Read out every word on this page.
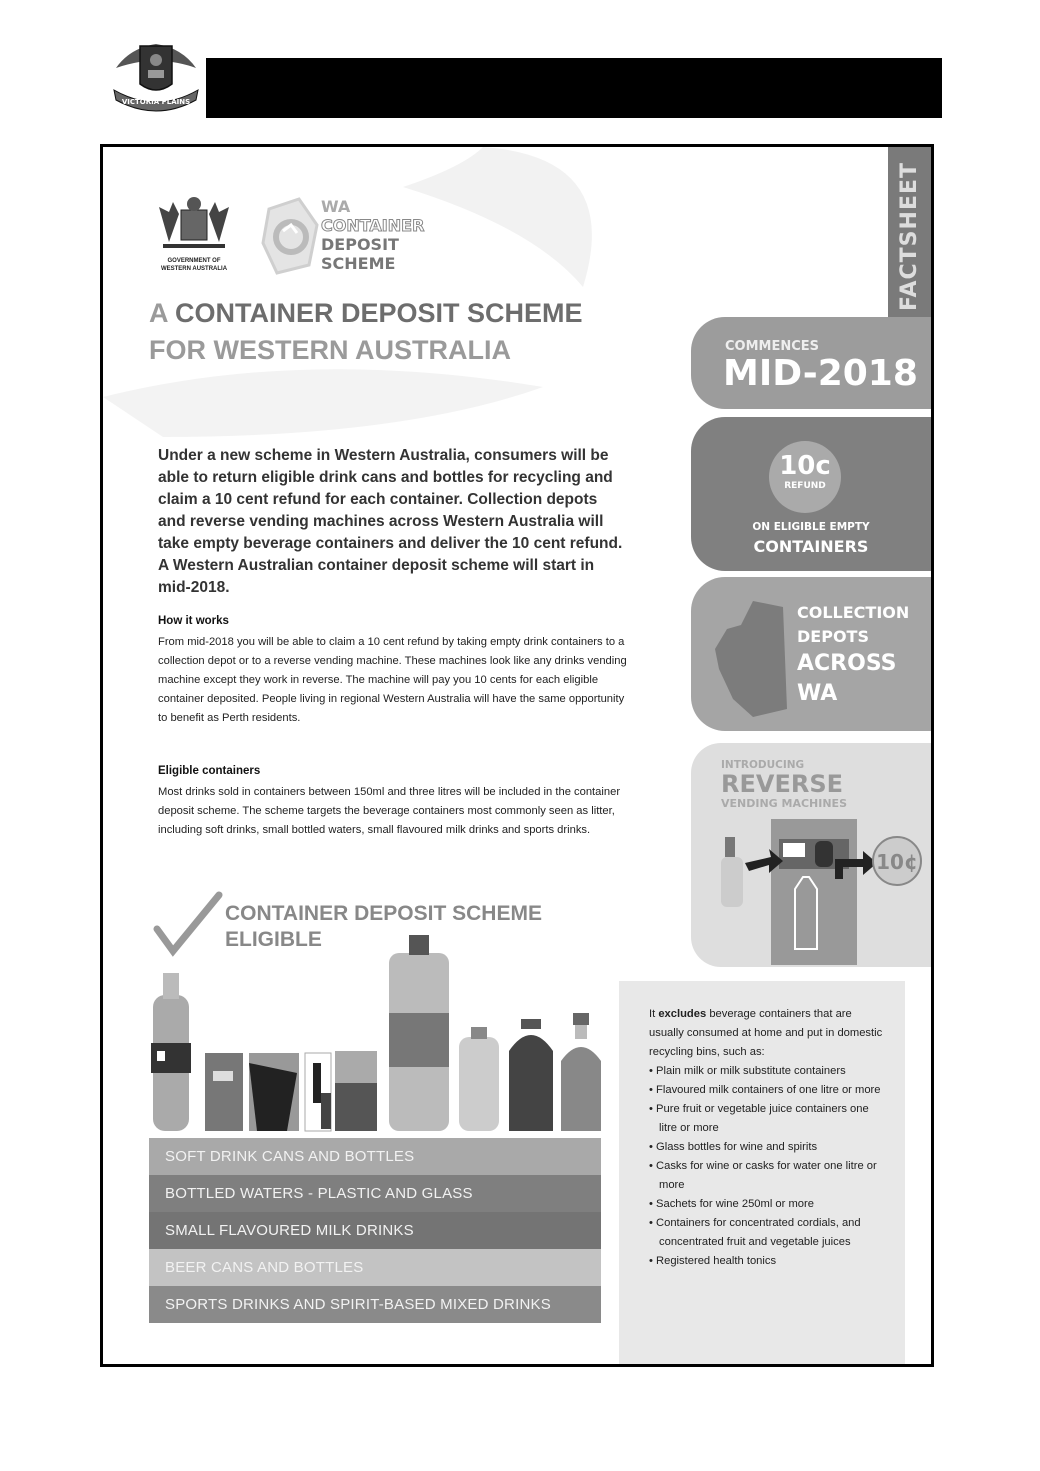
VICTORIA PLAINS
GOVERNMENT OF
WESTERN AUSTRALIA
WA
CONTAINER
DEPOSIT
SCHEME	FACTSHEET
A CONTAINER DEPOSIT SCHEME
FOR WESTERN AUSTRALIA
Under a new scheme in Western Australia, consumers will be able to return eligible drink cans and bottles for recycling and claim a 10 cent refund for each container. Collection depots and reverse vending machines across Western Australia will take empty beverage containers and deliver the 10 cent refund. A Western Australian container deposit scheme will start in mid-2018.
How it works
From mid-2018 you will be able to claim a 10 cent refund by taking empty drink containers to a collection depot or to a reverse vending machine. These machines look like any drinks vending machine except they work in reverse. The machine will pay you 10 cents for each eligible container deposited. People living in regional Western Australia will have the same opportunity to benefit as Perth residents.
Eligible containers
Most drinks sold in containers between 150ml and three litres will be included in the container deposit scheme. The scheme targets the beverage containers most commonly seen as litter, including soft drinks, small bottled waters, small flavoured milk drinks and sports drinks.
CONTAINER DEPOSIT SCHEME
ELIGIBLE
SOFT DRINK CANS AND BOTTLES
BOTTLED WATERS - PLASTIC AND GLASS
SMALL FLAVOURED MILK DRINKS
BEER CANS AND BOTTLES
SPORTS DRINKS AND SPIRIT-BASED MIXED DRINKS
COMMENCES
MID-2018
10c
REFUND
ON ELIGIBLE EMPTY
CONTAINERS
COLLECTION
DEPOTS
ACROSS
WA
INTRODUCING
REVERSE
VENDING MACHINES
10¢
It excludes beverage containers that are usually consumed at home and put in domestic recycling bins, such as:
• Plain milk or milk substitute containers
• Flavoured milk containers of one litre or more
• Pure fruit or vegetable juice containers one litre or more
• Glass bottles for wine and spirits
• Casks for wine or casks for water one litre or more
• Sachets for wine 250ml or more
• Containers for concentrated cordials, and concentrated fruit and vegetable juices
• Registered health tonics
